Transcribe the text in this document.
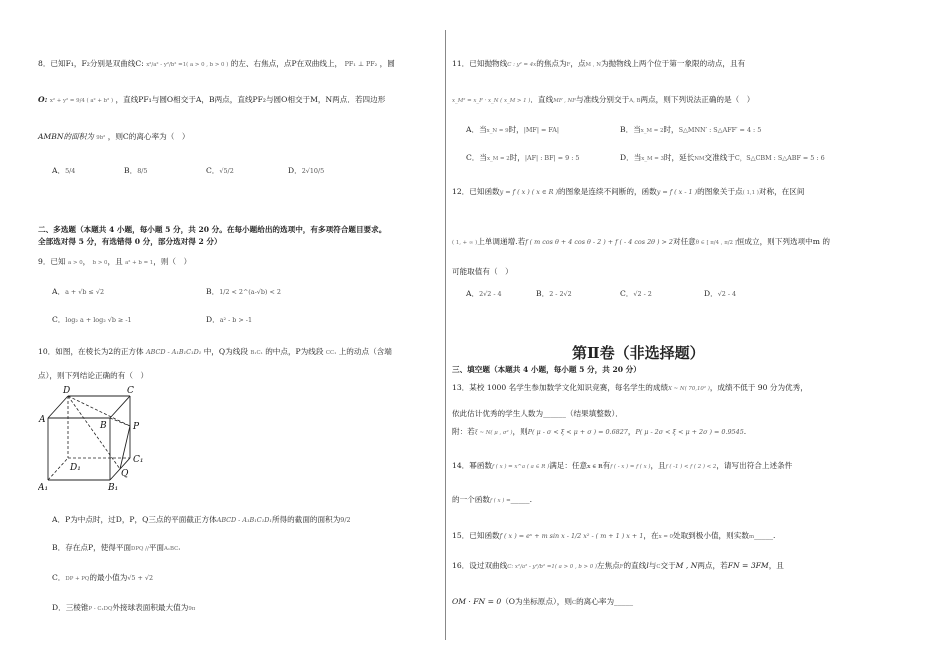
8．已知F₁，F₂分别是双曲线C: x²/a² - y²/b² =1( a > 0 , b > 0 ) 的左、右焦点，点P在双曲线上， PF₁ ⊥ PF₂ ，圆
O: x² + y² = 9/4 ( a² + b² ) ，直线PF₁与圆O相交于A，B两点，直线PF₂与圆O相交于M，N两点．若四边形
AMBN的面积为 9b² ，则C的离心率为（　）
A．5/4	B．8/5	C．√5/2	D．2√10/5
二、多选题（本题共 4 小题，每小题 5 分，共 20 分。在每小题给出的选项中，有多项符合题目要求。
全部选对得 5 分，有选错得 0 分，部分选对得 2 分）
9．已知 a > 0， b > 0，且 a² + b = 1，则（　）
A．a + √b ≤ √2	B．1/2 < 2^(a-√b) < 2
C．log₂ a + log₂ √b ≥ -1	D．a² - b > -1
10．如图，在棱长为2的正方体 ABCD - A₁B₁C₁D₁ 中，Q为线段 B₁C₁ 的中点，P为线段 CC₁ 上的动点（含端
点），则下列结论正确的有（　）
D	C
A
B	P
D₁
C₁
Q
A₁	B₁
A．P为中点时，过D，P，Q三点的平面截正方体ABCD - A₁B₁C₁D₁所得的截面的面积为9/2
B．存在点P，使得平面DPQ //平面A₁BC₁
C．DP + PQ的最小值为√5 + √2
D．三棱锥P - C₁DQ外接球表面积最大值为9π
11．已知抛物线C : y² = 4x的焦点为F，点M , N为抛物线上两个位于第一象限的动点，且有
x_M² = x_F · x_N ( x_M > 1 )．直线MF , NF与准线分别交于A, B两点，则下列说法正确的是（　）
A．当x_N = 9时，|MF| = FA|	B．当x_M = 2时，S△MNN′ : S△AFF′ = 4 : 5
C．当x_M = 2时，|AF| : BF| = 9 : 5	D．当x_M = 3时，延长NM交准线于C，S△CBM : S△ABF = 5 : 6
12．已知函数y = f ( x ) ( x ∈ R )的图象是连续不间断的，函数y = f ( x - 1 )的图象关于点( 1,1 )对称，在区间
( 1, + ∞ )上单调递增.若f ( m cos θ + 4 cos θ - 2 ) + f ( - 4 cos 2θ ) > 2对任意θ ∈ [ π/4 , π/2 ]恒成立，则下列选项中m 的
可能取值有（　）
A．2√2 - 4	B．2 - 2√2	C．√2 - 2	D．√2 - 4
第Ⅱ卷（非选择题）
三、填空题（本题共 4 小题，每小题 5 分，共 20 分）
13．某校 1000 名学生参加数学文化知识竞赛，每名学生的成绩X ~ N( 70,10² )，成绩不低于 90 分为优秀，
依此估计优秀的学生人数为______（结果填整数）．
附：若ξ ~ N( μ , σ² )，则P( μ - σ < ξ < μ + σ ) = 0.6827，P( μ - 2σ < ξ < μ + 2σ ) = 0.9545.
14．幂函数f ( x ) = x^a ( a ∈ R )满足：任意x ∈ R有f ( - x ) = f ( x )，且f ( -1 ) < f ( 2 ) < 2，请写出符合上述条件
的一个函数f ( x ) =_____.
15．已知函数f ( x ) = eˣ + m sin x - 1/2 x² - ( m + 1 ) x + 1，在x = 0处取到极小值，则实数m_____.
16．设过双曲线C: x²/a² - y²/b² =1( a > 0 , b > 0 )左焦点F的直线l与C交于M , N两点，若FN = 3FM，且
OM · FN = 0（O为坐标原点），则C的离心率为_____
